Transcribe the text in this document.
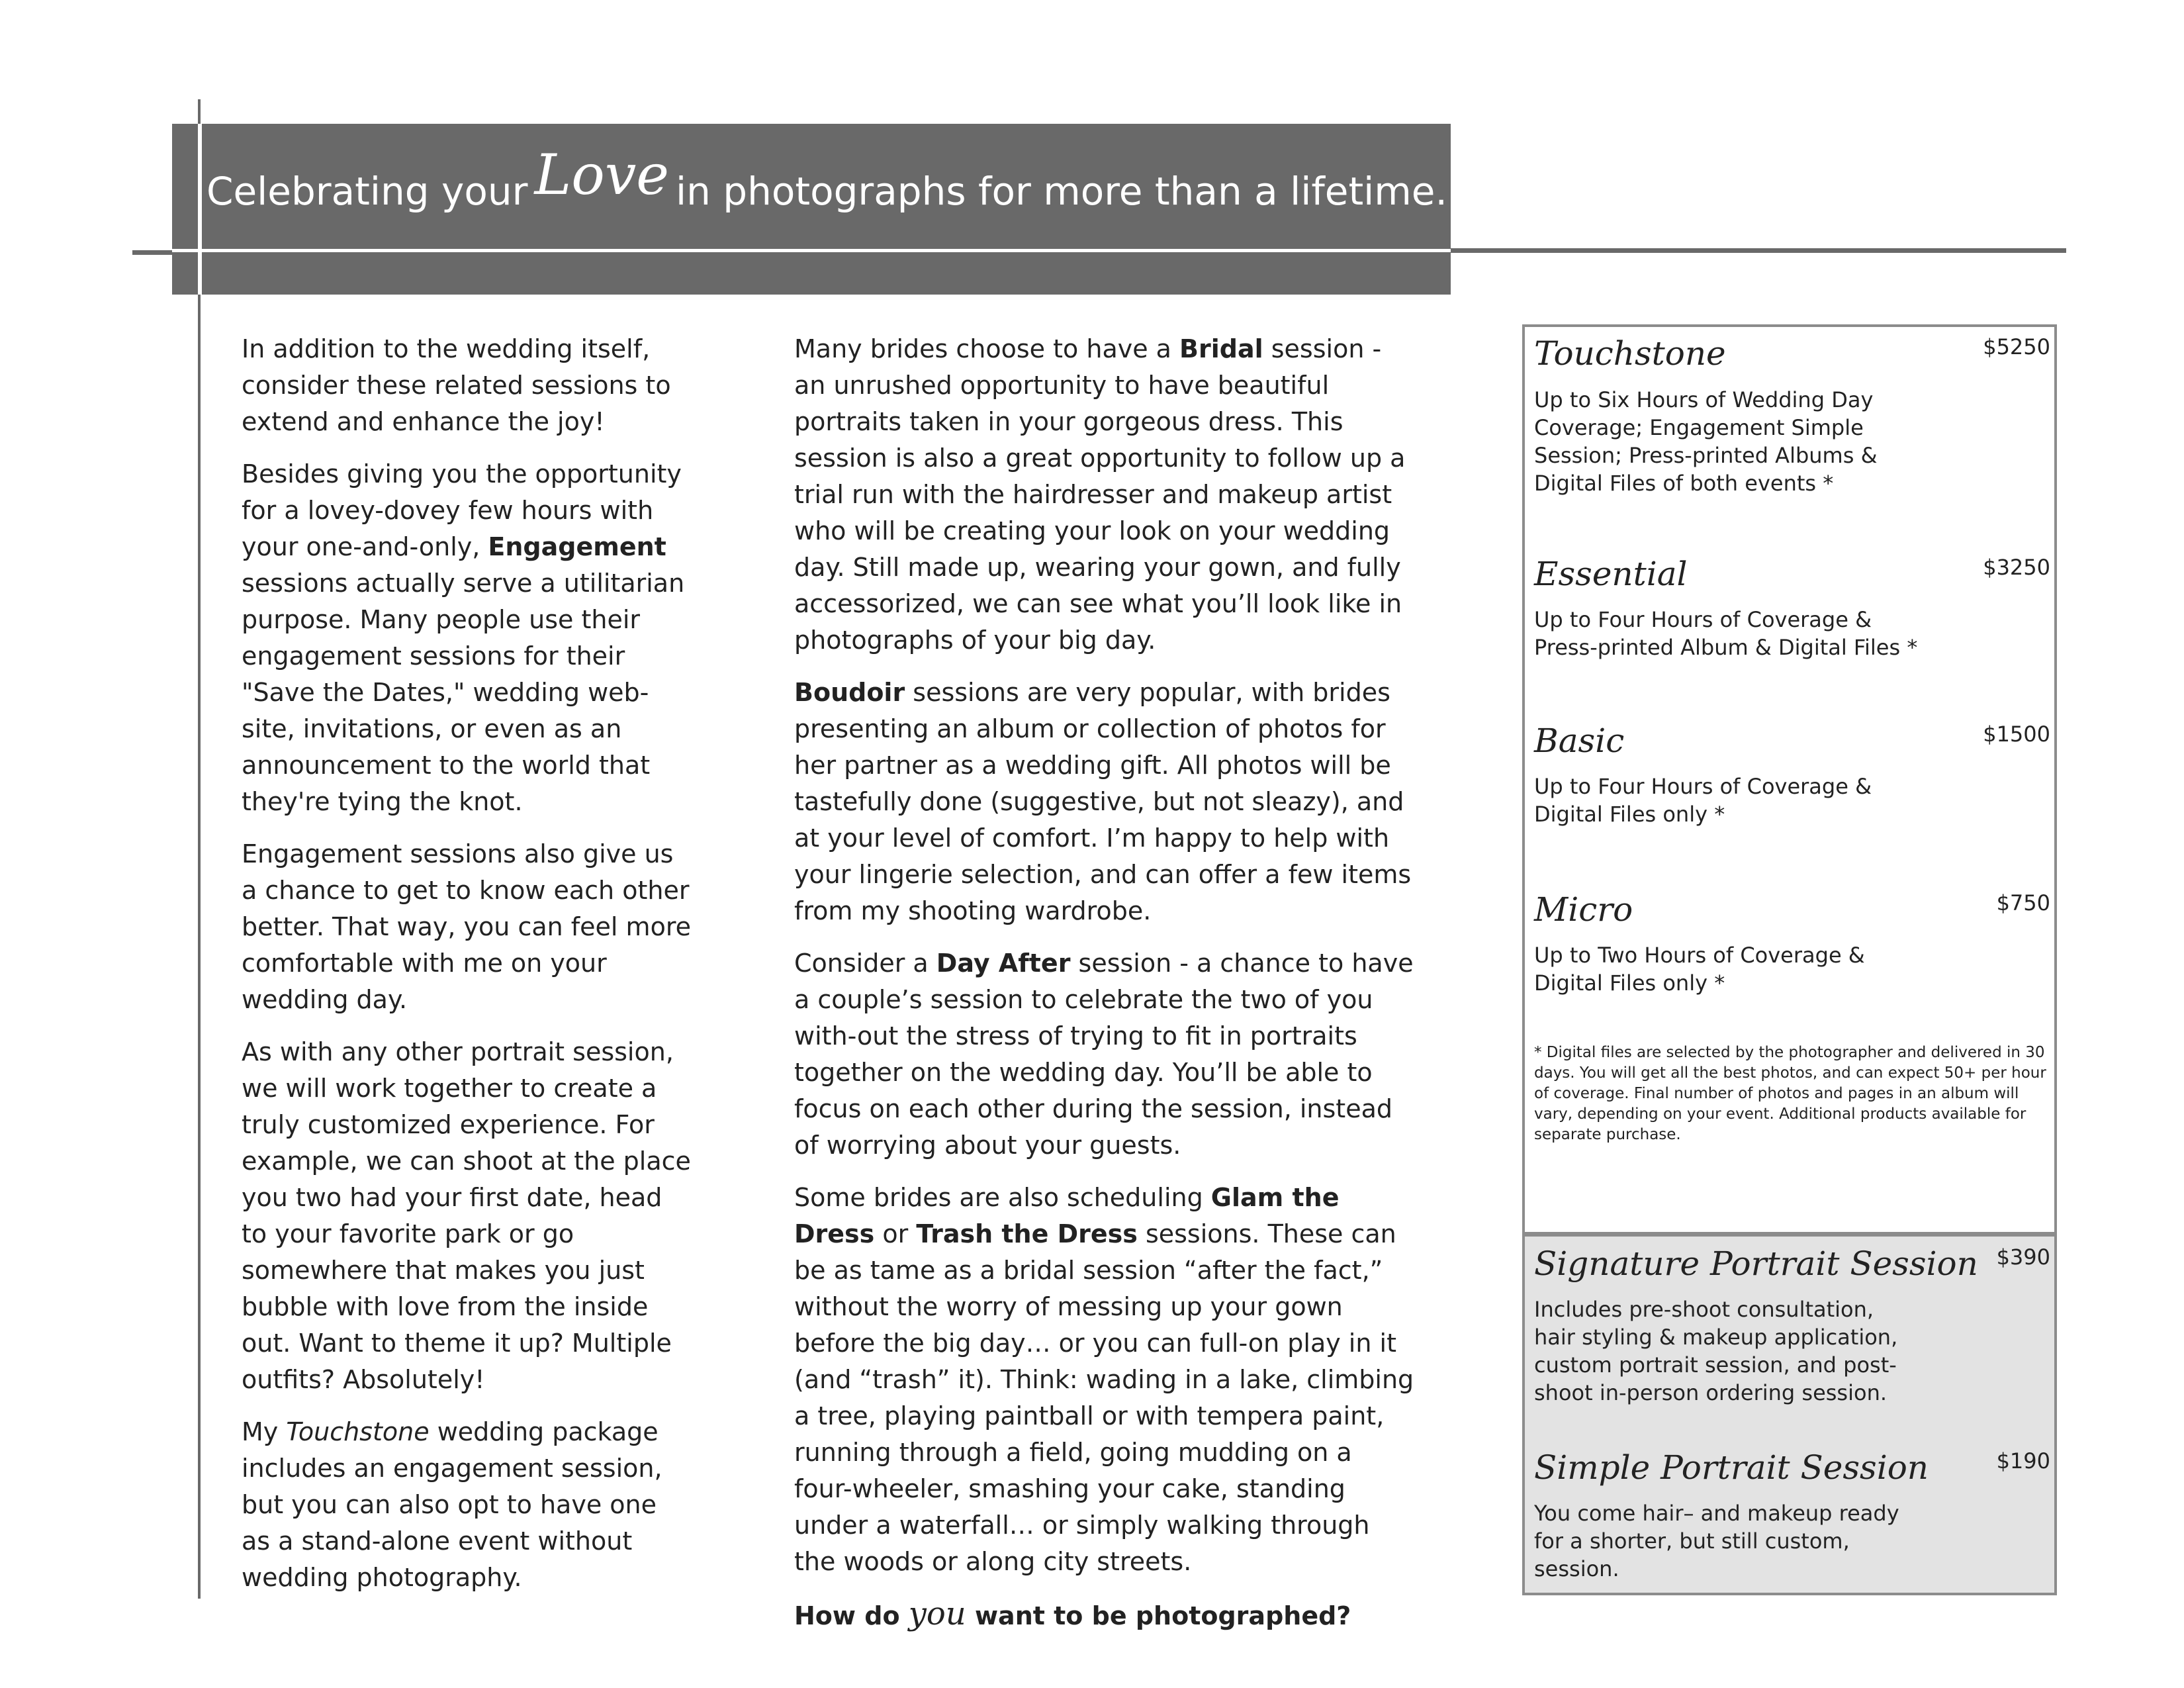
Celebrating your Love in photographs for more than a lifetime.

In addition to the wedding itself, consider these related sessions to extend and enhance the joy!

Besides giving you the opportunity for a lovey-dovey few hours with your one-and-only, Engagement sessions actually serve a utilitarian purpose. Many people use their engagement sessions for their "Save the Dates," wedding web-site, invitations, or even as an announcement to the world that they're tying the knot.

Engagement sessions also give us a chance to get to know each other better. That way, you can feel more comfortable with me on your wedding day.

As with any other portrait session, we will work together to create a truly customized experience. For example, we can shoot at the place you two had your first date, head to your favorite park or go somewhere that makes you just bubble with love from the inside out. Want to theme it up? Multiple outfits? Absolutely!

My Touchstone wedding package includes an engagement session, but you can also opt to have one as a stand-alone event without wedding photography.

Many brides choose to have a Bridal session - an unrushed opportunity to have beautiful portraits taken in your gorgeous dress. This session is also a great opportunity to follow up a trial run with the hairdresser and makeup artist who will be creating your look on your wedding day. Still made up, wearing your gown, and fully accessorized, we can see what you’ll look like in photographs of your big day.

Boudoir sessions are very popular, with brides presenting an album or collection of photos for her partner as a wedding gift. All photos will be tastefully done (suggestive, but not sleazy), and at your level of comfort. I’m happy to help with your lingerie selection, and can offer a few items from my shooting wardrobe.

Consider a Day After session - a chance to have a couple’s session to celebrate the two of you with-out the stress of trying to fit in portraits together on the wedding day. You’ll be able to focus on each other during the session, instead of worrying about your guests.

Some brides are also scheduling Glam the Dress or Trash the Dress sessions. These can be as tame as a bridal session “after the fact,” without the worry of messing up your gown before the big day… or you can full-on play in it (and “trash” it). Think: wading in a lake, climbing a tree, playing paintball or with tempera paint, running through a field, going mudding on a four-wheeler, smashing your cake, standing under a waterfall… or simply walking through the woods or along city streets.

How do you want to be photographed?

Touchstone	$5250
Up to Six Hours of Wedding Day Coverage; Engagement Simple Session; Press-printed Albums & Digital Files of both events *
Essential	$3250
Up to Four Hours of Coverage & Press-printed Album & Digital Files *
Basic	$1500
Up to Four Hours of Coverage & Digital Files only *
Micro	$750
Up to Two Hours of Coverage & Digital Files only *
* Digital files are selected by the photographer and delivered in 30 days. You will get all the best photos, and can expect 50+ per hour of coverage. Final number of photos and pages in an album will vary, depending on your event. Additional products available for separate purchase.
Signature Portrait Session $390
Includes pre-shoot consultation, hair styling & makeup application, custom portrait session, and post-shoot in-person ordering session.
Simple Portrait Session	$190
You come hair– and makeup ready for a shorter, but still custom, session.
